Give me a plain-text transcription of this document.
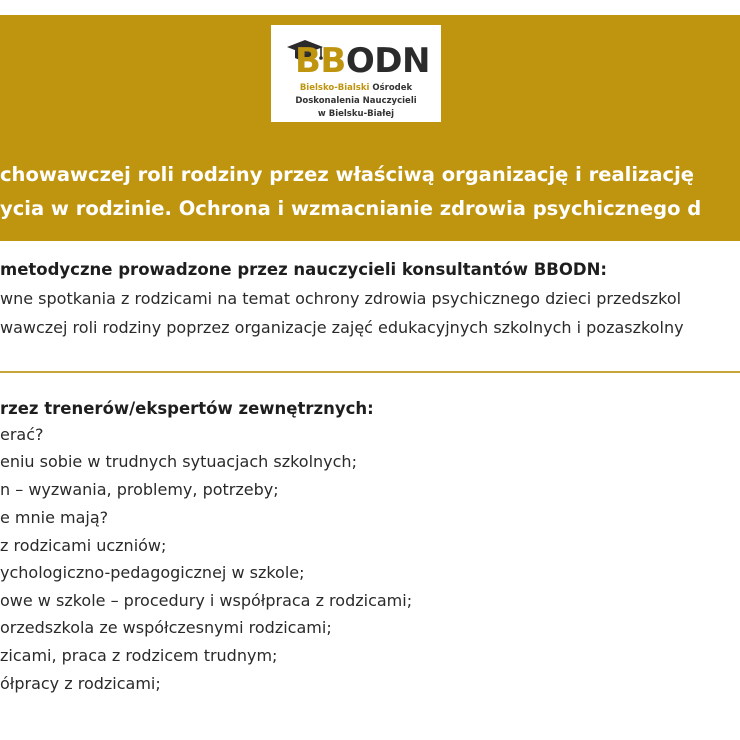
BBODN
Bielsko-Bialski Ośrodek
Doskonalenia Nauczycieli
w Bielsku-Białej
chowawczej roli rodziny przez właściwą organizację i realizację
ycia w rodzinie. Ochrona i wzmacnianie zdrowia psychicznego d
metodyczne prowadzone przez nauczycieli konsultantów BBODN:
wne spotkania z rodzicami na temat ochrony zdrowia psychicznego dzieci przedszkol
wawczej roli rodziny poprzez organizacje zajęć edukacyjnych szkolnych i pozaszkolny
rzez trenerów/ekspertów zewnętrznych:
erać?
eniu sobie w trudnych sytuacjach szkolnych;
n – wyzwania, problemy, potrzeby;
e mnie mają?
z rodzicami uczniów;
ychologiczno-pedagogicznej w szkole;
owe w szkole – procedury i współpraca z rodzicami;
orzedszkola ze współczesnymi rodzicami;
zicami, praca z rodzicem trudnym;
ółpracy z rodzicami;
